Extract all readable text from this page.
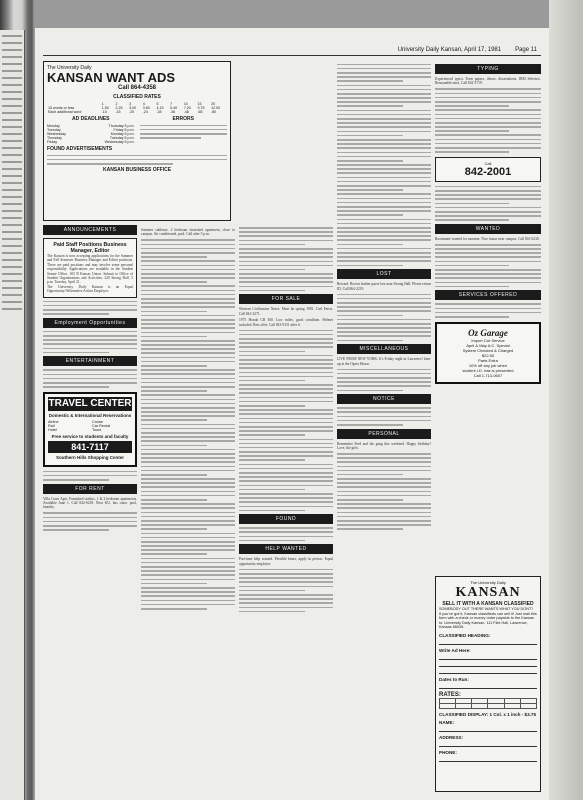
University Daily Kansan, April 17, 1981 Page 11
The University Daily
KANSAN WANT ADS
Call 864-4358
CLASSIFIED RATES
	1	2	3	4	5	7	10	15	20
15 words or less	1.50	2.25	3.00	3.60	4.15	5.40	7.20	9.75	12.00
Each additional word	.10	.15	.20	.24	.28	.36	.48	.65	.80
AD DEADLINES
Monday	Thursday 5 p.m.
Tuesday	Friday 5 p.m.
Wednesday	Monday 5 p.m.
Thursday	Tuesday 5 p.m.
Friday	Wednesday 5 p.m.
ERRORS
FOUND ADVERTISEMENTS
KANSAN BUSINESS OFFICE
ANNOUNCEMENTS
Paid Staff Positions Business Manager, Editor
The Kansan is now accepting applications for the Summer and Fall Semester Business Manager and Editor positions. These are paid positions and may involve some personal responsibility. Applications are available in the Student Senate Office, 105 B Kansas Union. Submit to Office of Student Organizations and Activities, 220 Strong Hall, 5 p.m. Tuesday, April 21.
The University Daily Kansan is an Equal Opportunity/Affirmative Action Employer.
Employment Opportunities
ENTERTAINMENT
TRAVEL CENTER
Domestic & International Reservations
Airline
Rail
Hotel
Cruise
Car Rental
Tours
Free service to students and faculty
841-7117
Southern Hills Shopping Center
FOR RENT

Villa Court Apts. Furnished studios, 1 & 2 bedroom apartments. Available June 1. Call 842-6218. Near KU, bus route, pool, laundry.

Summer sublease. 2 bedroom furnished apartment, close to campus. Air conditioned, pool. Call after 5 p.m.

FOR SALE

Western Civilization Notes. Must be spring 1981. Carl Ferris. Call 841-2271.

1975 Honda CB 360. Low miles, good condition. Helmet included. Best offer. Call 843-9151 after 6.

FOUND
HELP WANTED

Part-time help wanted. Flexible hours, apply in person. Equal opportunity employer.

LOST

Reward. Brown leather purse lost near Strong Hall. Please return ID. Call 864-2219.

MISCELLANEOUS

LIVE FROM NEW YORK: It's Friday night in Lawrence! Jam-up at the Opera House.

NOTICE
PERSONAL

Remember Fred and the gang this weekend. Happy birthday! Love, the girls.

TYPING

Experienced typist. Term papers, theses, dissertations. IBM Selectric. Reasonable rates. Call 842-5719.

Call
842-2001
WANTED

Roommate wanted for summer. Nice house near campus. Call 841-6230.

SERVICES OFFERED
Oz Garage
Import Car Service
April & May A.C. Special
System Checked & Charged
$22.50
Parts Extra
10% off any job when
student I.D. has is presented
Call 1-713-0607
The University Daily
KANSAN
SELL IT WITH A KANSAN CLASSIFIED
SOMEBODY OUT THERE WANTS WHAT YOU DON'T!
If you've got it, Kansan classifieds can sell it! Just mail this form with a check or money order payable to the Kansan to: University Daily Kansan, 111 Flint Hall, Lawrence, Kansas 66045.
CLASSIFIED HEADING:
Write Ad Here:
Dates to Run:
RATES:

CLASSIFIED DISPLAY: 1 Col. x 1 inch - $3.75
NAME:
ADDRESS:
PHONE:
